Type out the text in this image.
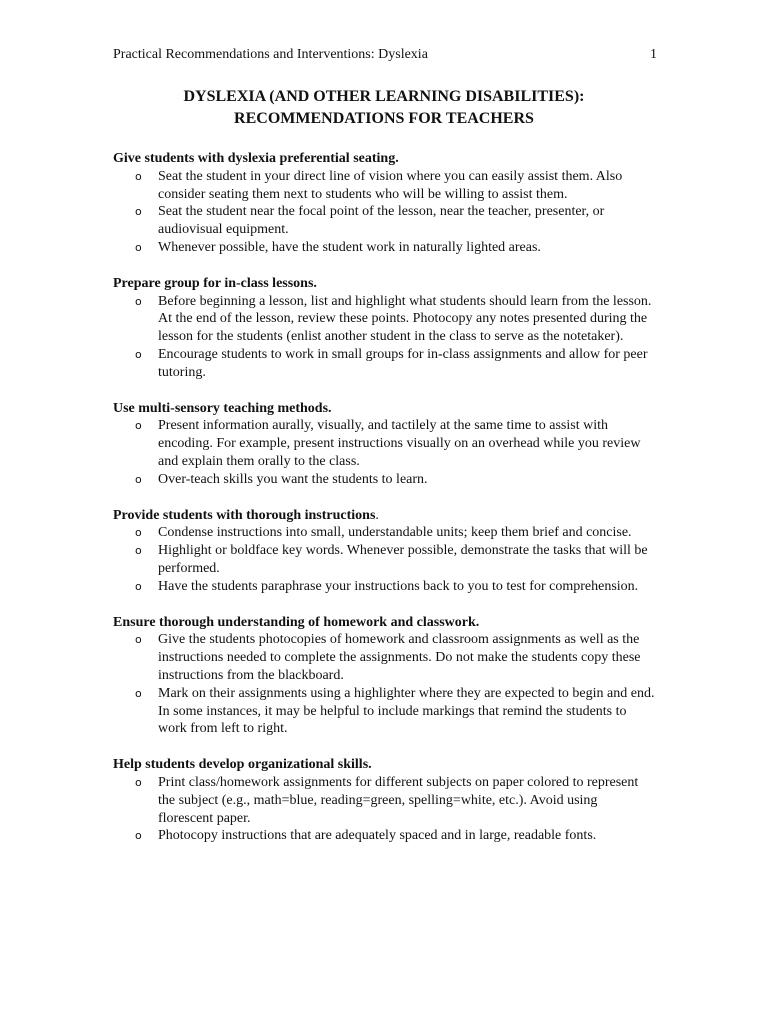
Practical Recommendations and Interventions: Dyslexia	1
DYSLEXIA (AND OTHER LEARNING DISABILITIES):
RECOMMENDATIONS FOR TEACHERS
Give students with dyslexia preferential seating.
o Seat the student in your direct line of vision where you can easily assist them. Also consider seating them next to students who will be willing to assist them.
o Seat the student near the focal point of the lesson, near the teacher, presenter, or audiovisual equipment.
o Whenever possible, have the student work in naturally lighted areas.
Prepare group for in-class lessons.
o Before beginning a lesson, list and highlight what students should learn from the lesson. At the end of the lesson, review these points. Photocopy any notes presented during the lesson for the students (enlist another student in the class to serve as the notetaker).
o Encourage students to work in small groups for in-class assignments and allow for peer tutoring.
Use multi-sensory teaching methods.
o Present information aurally, visually, and tactilely at the same time to assist with encoding. For example, present instructions visually on an overhead while you review and explain them orally to the class.
o Over-teach skills you want the students to learn.
Provide students with thorough instructions.
o Condense instructions into small, understandable units; keep them brief and concise.
o Highlight or boldface key words. Whenever possible, demonstrate the tasks that will be performed.
o Have the students paraphrase your instructions back to you to test for comprehension.
Ensure thorough understanding of homework and classwork.
o Give the students photocopies of homework and classroom assignments as well as the instructions needed to complete the assignments. Do not make the students copy these instructions from the blackboard.
o Mark on their assignments using a highlighter where they are expected to begin and end. In some instances, it may be helpful to include markings that remind the students to work from left to right.
Help students develop organizational skills.
o Print class/homework assignments for different subjects on paper colored to represent the subject (e.g., math=blue, reading=green, spelling=white, etc.). Avoid using florescent paper.
o Photocopy instructions that are adequately spaced and in large, readable fonts.
